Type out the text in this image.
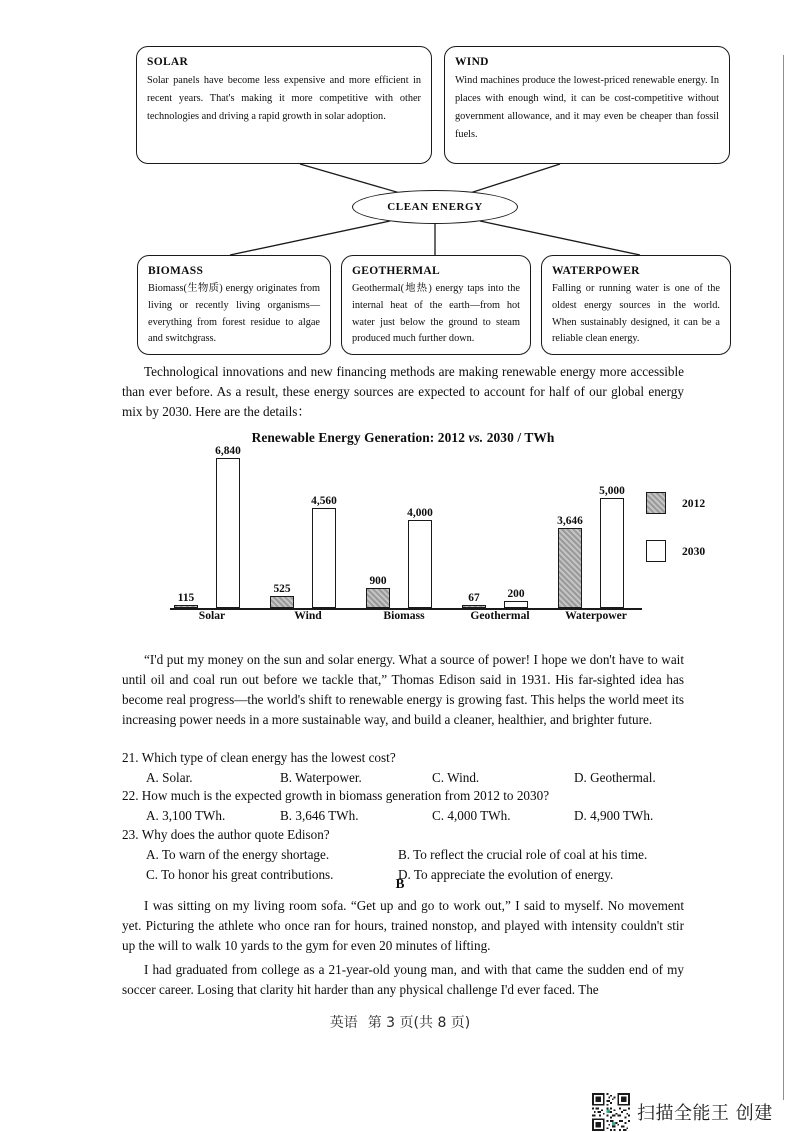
SOLAR

Solar panels have become less expensive and more efficient in recent years. That's making it more competitive with other technologies and driving a rapid growth in solar adoption.

WIND

Wind machines produce the lowest-priced renewable energy. In places with enough wind, it can be cost-competitive without government allowance, and it may even be cheaper than fossil fuels.

CLEAN ENERGY

BIOMASS

Biomass(生物质) energy originates from living or recently living organisms—everything from forest residue to algae and switchgrass.

GEOTHERMAL

Geothermal(地热) energy taps into the internal heat of the earth—from hot water just below the ground to steam produced much further down.

WATERPOWER

Falling or running water is one of the oldest energy sources in the world. When sustainably designed, it can be a reliable clean energy.

Technological innovations and new financing methods are making renewable energy more accessible than ever before. As a result, these energy sources are expected to account for half of our global energy mix by 2030. Here are the details：
Renewable Energy Generation: 2012 vs. 2030 / TWh
115
6,840
Solar
525
4,560
Wind
900
4,000
Biomass
67 200
Geothermal
3,646
5,000
Waterpower
2012
2030
“I'd put my money on the sun and solar energy. What a source of power! I hope we don't have to wait until oil and coal run out before we tackle that,” Thomas Edison said in 1931. His far-sighted idea has become real progress—the world's shift to renewable energy is growing fast. This helps the world meet its increasing power needs in a more sustainable way, and build a cleaner, healthier, and brighter future.
21. Which type of clean energy has the lowest cost?
A. Solar.	B. Waterpower.	C. Wind.	D. Geothermal.
22. How much is the expected growth in biomass generation from 2012 to 2030?
A. 3,100 TWh.	B. 3,646 TWh.	C. 4,000 TWh.	D. 4,900 TWh.
23. Why does the author quote Edison?
A. To warn of the energy shortage.	B. To reflect the crucial role of coal at his time.
C. To honor his great contributions.	D. To appreciate the evolution of energy.
B
I was sitting on my living room sofa. “Get up and go to work out,” I said to myself. No movement yet. Picturing the athlete who once ran for hours, trained nonstop, and played with intensity couldn't stir up the will to walk 10 yards to the gym for even 20 minutes of lifting.
I had graduated from college as a 21-year-old young man, and with that came the sudden end of my soccer career. Losing that clarity hit harder than any physical challenge I'd ever faced. The
英语 第 3 页(共 8 页)
扫描全能王 创建
